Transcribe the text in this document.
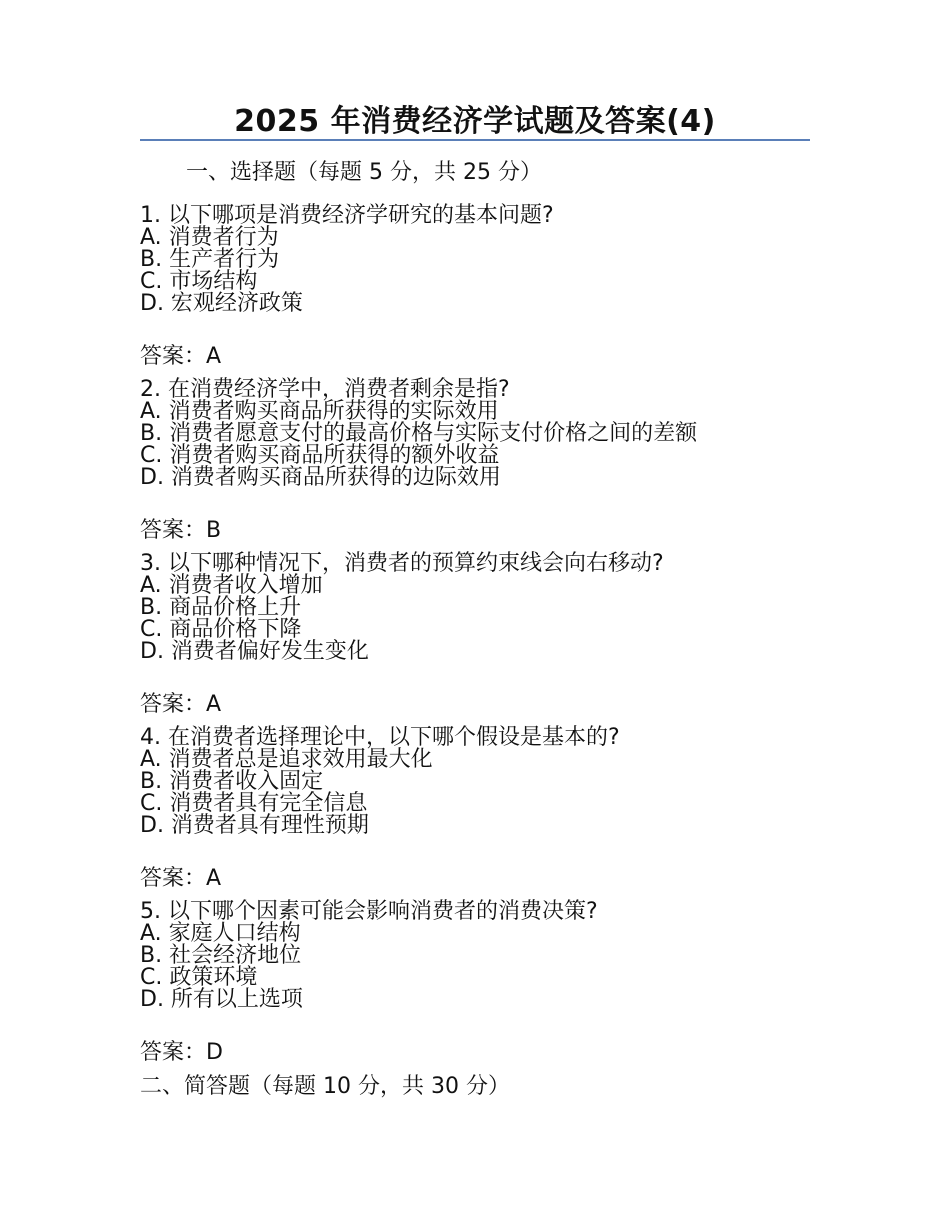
2025 年消费经济学试题及答案(4)
一、选择题（每题 5 分，共 25 分）
1. 以下哪项是消费经济学研究的基本问题?
A. 消费者行为
B. 生产者行为
C. 市场结构
D. 宏观经济政策
答案：A
2. 在消费经济学中，消费者剩余是指?
A. 消费者购买商品所获得的实际效用
B. 消费者愿意支付的最高价格与实际支付价格之间的差额
C. 消费者购买商品所获得的额外收益
D. 消费者购买商品所获得的边际效用
答案：B
3. 以下哪种情况下，消费者的预算约束线会向右移动?
A. 消费者收入增加
B. 商品价格上升
C. 商品价格下降
D. 消费者偏好发生变化
答案：A
4. 在消费者选择理论中，以下哪个假设是基本的?
A. 消费者总是追求效用最大化
B. 消费者收入固定
C. 消费者具有完全信息
D. 消费者具有理性预期
答案：A
5. 以下哪个因素可能会影响消费者的消费决策?
A. 家庭人口结构
B. 社会经济地位
C. 政策环境
D. 所有以上选项
答案：D
二、简答题（每题 10 分，共 30 分）
